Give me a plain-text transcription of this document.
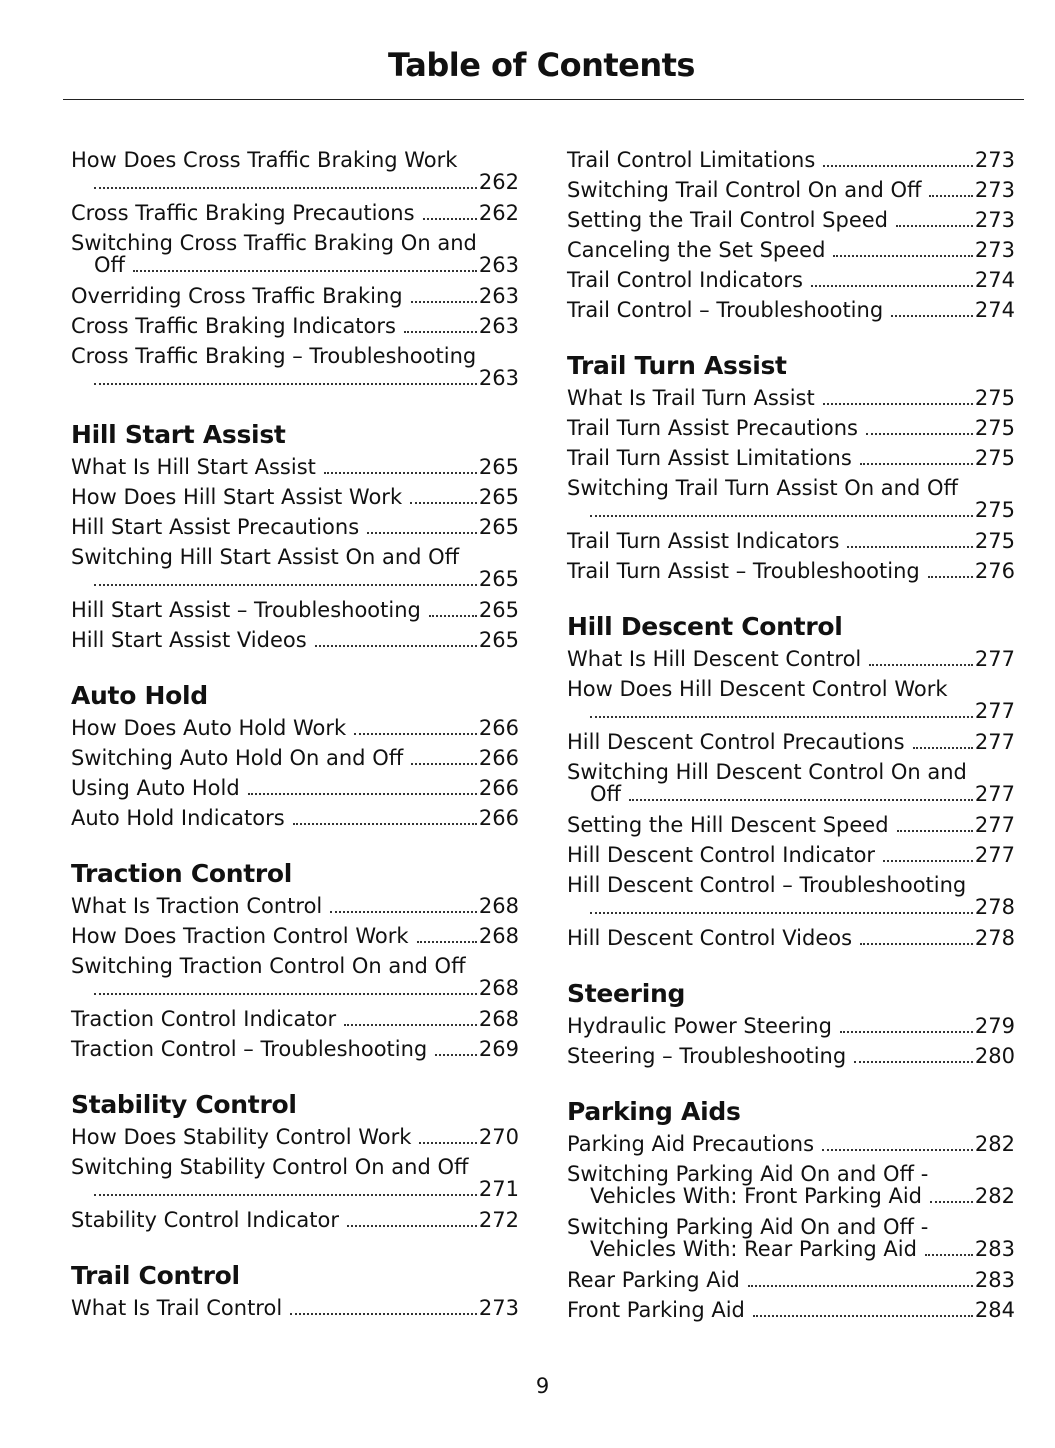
Table of Contents
How Does Cross Traffic Braking Work
262
Cross Traffic Braking Precautions	262
Switching Cross Traffic Braking On and
Off	263
Overriding Cross Traffic Braking	263
Cross Traffic Braking Indicators	263
Cross Traffic Braking – Troubleshooting
263
Hill Start Assist
What Is Hill Start Assist	265
How Does Hill Start Assist Work	265
Hill Start Assist Precautions	265
Switching Hill Start Assist On and Off
265
Hill Start Assist – Troubleshooting	265
Hill Start Assist Videos	265
Auto Hold
How Does Auto Hold Work	266
Switching Auto Hold On and Off	266
Using Auto Hold	266
Auto Hold Indicators	266
Traction Control
What Is Traction Control	268
How Does Traction Control Work	268
Switching Traction Control On and Off
268
Traction Control Indicator	268
Traction Control – Troubleshooting 269
Stability Control
How Does Stability Control Work	270
Switching Stability Control On and Off
271
Stability Control Indicator	272
Trail Control
What Is Trail Control	273
Trail Control Limitations	273
Switching Trail Control On and Off	273
Setting the Trail Control Speed	273
Canceling the Set Speed	273
Trail Control Indicators	274
Trail Control – Troubleshooting	274
Trail Turn Assist
What Is Trail Turn Assist	275
Trail Turn Assist Precautions	275
Trail Turn Assist Limitations	275
Switching Trail Turn Assist On and Off
275
Trail Turn Assist Indicators	275
Trail Turn Assist – Troubleshooting	276
Hill Descent Control
What Is Hill Descent Control	277
How Does Hill Descent Control Work
277
Hill Descent Control Precautions	277
Switching Hill Descent Control On and
Off	277
Setting the Hill Descent Speed	277
Hill Descent Control Indicator	277
Hill Descent Control – Troubleshooting
278
Hill Descent Control Videos	278
Steering
Hydraulic Power Steering	279
Steering – Troubleshooting	280
Parking Aids
Parking Aid Precautions	282
Switching Parking Aid On and Off -
Vehicles With: Front Parking Aid	282
Switching Parking Aid On and Off -
Vehicles With: Rear Parking Aid	283
Rear Parking Aid	283
Front Parking Aid	284

9
